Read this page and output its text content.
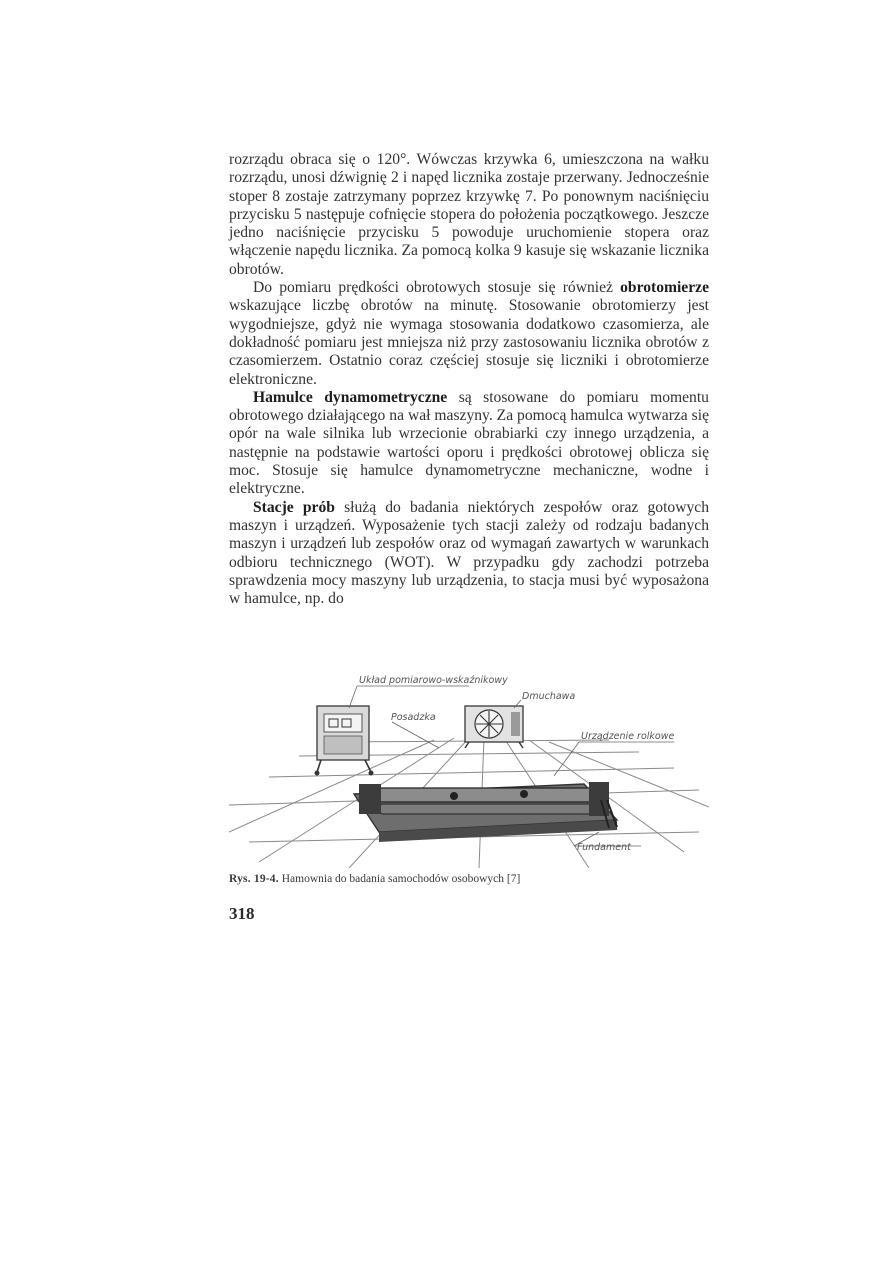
rozrządu obraca się o 120°. Wówczas krzywka 6, umieszczona na wałku rozrządu, unosi dźwignię 2 i napęd licznika zostaje przerwany. Jednocześnie stoper 8 zostaje zatrzymany poprzez krzywkę 7. Po ponownym naciśnięciu przycisku 5 następuje cofnięcie stopera do położenia początkowego. Jeszcze jedno naciśnięcie przycisku 5 powoduje uruchomienie stopera oraz włączenie napędu licznika. Za pomocą kolka 9 kasuje się wskazanie licznika obrotów.

Do pomiaru prędkości obrotowych stosuje się również obrotomierze wskazujące liczbę obrotów na minutę. Stosowanie obrotomierzy jest wygodniejsze, gdyż nie wymaga stosowania dodatkowo czasomierza, ale dokładność pomiaru jest mniejsza niż przy zastosowaniu licznika obrotów z czasomierzem. Ostatnio coraz częściej stosuje się liczniki i obrotomierze elektroniczne.

Hamulce dynamometryczne są stosowane do pomiaru momentu obrotowego działającego na wał maszyny. Za pomocą hamulca wytwarza się opór na wale silnika lub wrzecionie obrabiarki czy innego urządzenia, a następnie na podstawie wartości oporu i prędkości obrotowej oblicza się moc. Stosuje się hamulce dynamometryczne mechaniczne, wodne i elektryczne.

Stacje prób służą do badania niektórych zespołów oraz gotowych maszyn i urządzeń. Wyposażenie tych stacji zależy od rodzaju badanych maszyn i urządzeń lub zespołów oraz od wymagań zawartych w warunkach odbioru technicznego (WOT). W przypadku gdy zachodzi potrzeba sprawdzenia mocy maszyny lub urządzenia, to stacja musi być wyposażona w hamulce, np. do

Układ pomiarowo-wskaźnikowy
Dmuchawa
Posadzka
Urządzenie rolkowe
Fundament
Rys. 19-4. Hamownia do badania samochodów osobowych [7]
318
